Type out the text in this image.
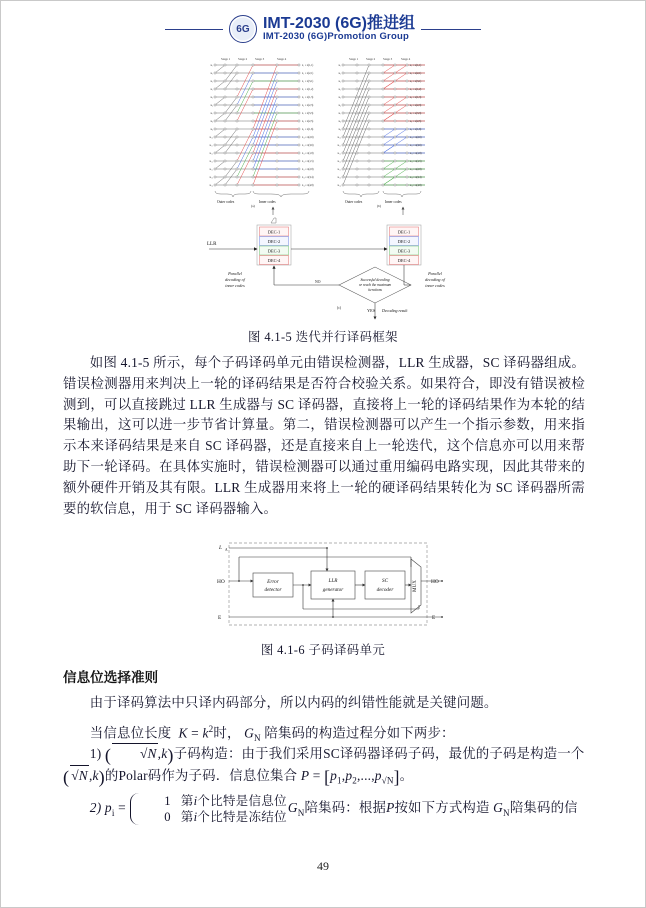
6G IMT-2030 (6G)推进组
IMT-2030 (6G)Promotion Group
Stage 1	Stage 2	Stage 3	Stage 4
u₁
u₂
u₃
u₄
u₅
u₆
u₇
u₈
u₉
u₁₀
u₁₁
u₁₂
u₁₃
u₁₄
u₁₅
u₁₆
x₁ = x(1,1)
x₂ = x(2,1)
x₃ = x(3,1)
x₄ = x(1,2)
x₅ = x(1,3)
x₆ = x(2,3)
x₇ = x(3,3)
x₈ = x(2,5)
x₉ = x(1,6)
x₁₀= x(2,6)
x₁₁= x(3,6)
x₁₂= x(1,8)
x₁₃= x(1,5)
x₁₄= x(2,8)
x₁₅= x(3,4)
x₁₆= x(4,8)
Outer codes	Inner codes
(a)
Stage 1	Stage 2	Stage 3	Stage 4
u₁
u₂
u₃
u₄
u₅
u₆
u₇
u₈
u₉
u₁₀
u₁₁
u₁₂
u₁₃
u₁₄
u₁₅
u₁₆
x₁ = x(1,1)
x₂ = x(2,1)
x₃ = x(3,1)
x₄ = x(1,2)
x₅ = x(1,3)
x₆ = x(2,3)
x₇ = x(3,3)
x₈ = x(2,5)
x₉ = x(1,6)
x₁₀= x(2,6)
x₁₁= x(3,6)
x₁₂= x(1,8)
x₁₃= x(1,5)
x₁₄= x(2,8)
x₁₅= x(3,4)
x₁₆= x(4,8)
Outer codes	Inner codes
(b)
DEC-1
DEC-2
DEC-3
DEC-4
DEC-1
DEC-2
DEC-3
DEC-4
LLR
Parallel
decoding of
inner codes
Parallel
decoding of
inner codes
Successful decoding
or reach the maximum
iterations
NO
YES Decoding result
(c)
图 4.1-5 迭代并行译码框架
如图 4.1-5 所示，每个子码译码单元由错误检测器，LLR 生成器，SC 译码器组成。错误检测器用来判决上一轮的译码结果是否符合校验关系。如果符合，即没有错误被检测到，可以直接跳过 LLR 生成器与 SC 译码器，直接将上一轮的译码结果作为本轮的结果输出，这可以进一步节省计算量。第二，错误检测器可以产生一个指示参数，用来指示本来译码结果是来自 SC 译码器，还是直接来自上一轮迭代，这个信息亦可以用来帮助下一轮译码。在具体实施时，错误检测器可以通过重用编码电路实现，因此其带来的额外硬件开销及其有限。LLR 生成器用来将上一轮的硬译码结果转化为 SC 译码器所需要的软信息，用于 SC 译码器输入。
Error
detector
LLR
generator
SC
decoder	MUX
L A
HO
E
HO
E
图 4.1-6 子码译码单元
信息位选择准则
由于译码算法中只译内码部分，所以内码的纠错性能就是关键问题。
当信息位长度 $K = k^2$时， $G_N$ 陪集码的构造过程分如下两步：
1) ( √N,k)子码构造：由于我们采用SC译码器译码子码，最优的子码是构造一个
( √N,k)的Polar码作为子码．信息位集合 $P = [p_1,p_2,...,p_{√N}]$。
2) $p_i$ =	1 第i个比特是信息位
0 第i个比特是冻结位
$G_N$陪集码：根据P按如下方式构造 $G_N$陪集码的信
49
